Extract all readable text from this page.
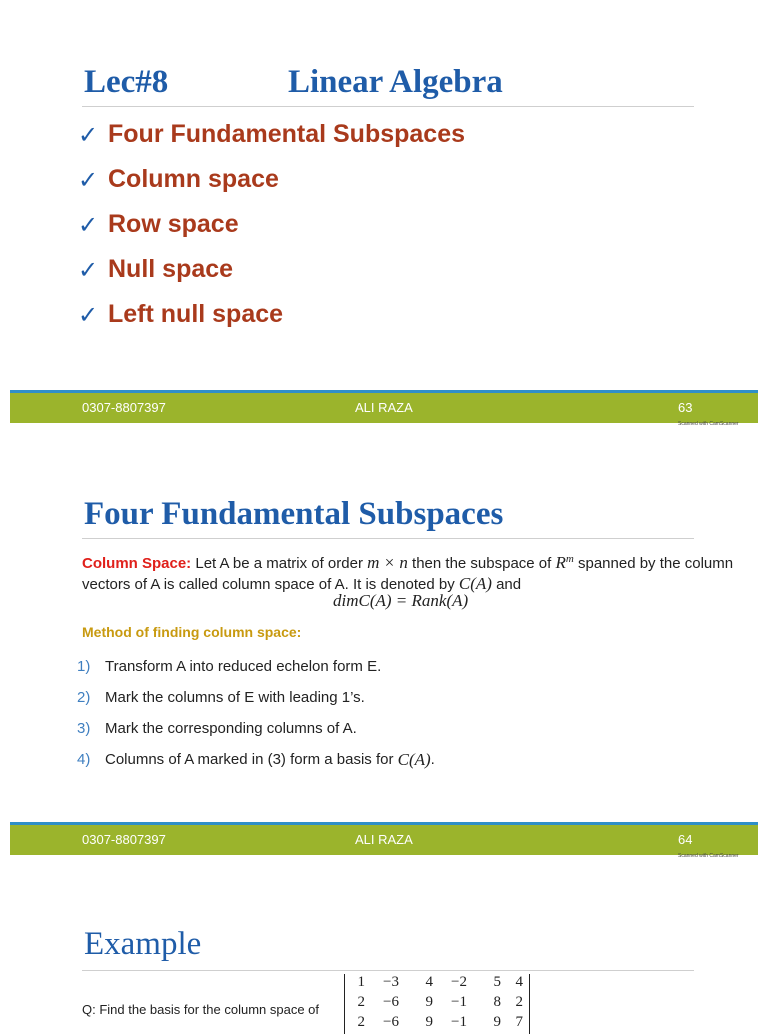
Lec#8	Linear Algebra
✓ Four Fundamental Subspaces
✓ Column space
✓ Row space
✓ Null space
✓ Left null space
0307-8807397	ALI RAZA	63
Scanned with CamScanner
Four Fundamental Subspaces
Column Space: Let A be a matrix of order m × n then the subspace of $R^m$ spanned by the column vectors of A is called column space of A. It is denoted by C(A) and
dimC(A) = Rank(A)
Method of finding column space:
1) Transform A into reduced echelon form E.
2) Mark the columns of E with leading 1’s.
3) Mark the corresponding columns of A.
4) Columns of A marked in (3) form a basis for
C(A) .
0307-8807397	ALI RAZA	64
Scanned with CamScanner
Example
Q: Find the basis for the column space of
1	−3	4	−2	5 4
2	−6	9	−1	8 2
2	−6	9	−1	9 7
